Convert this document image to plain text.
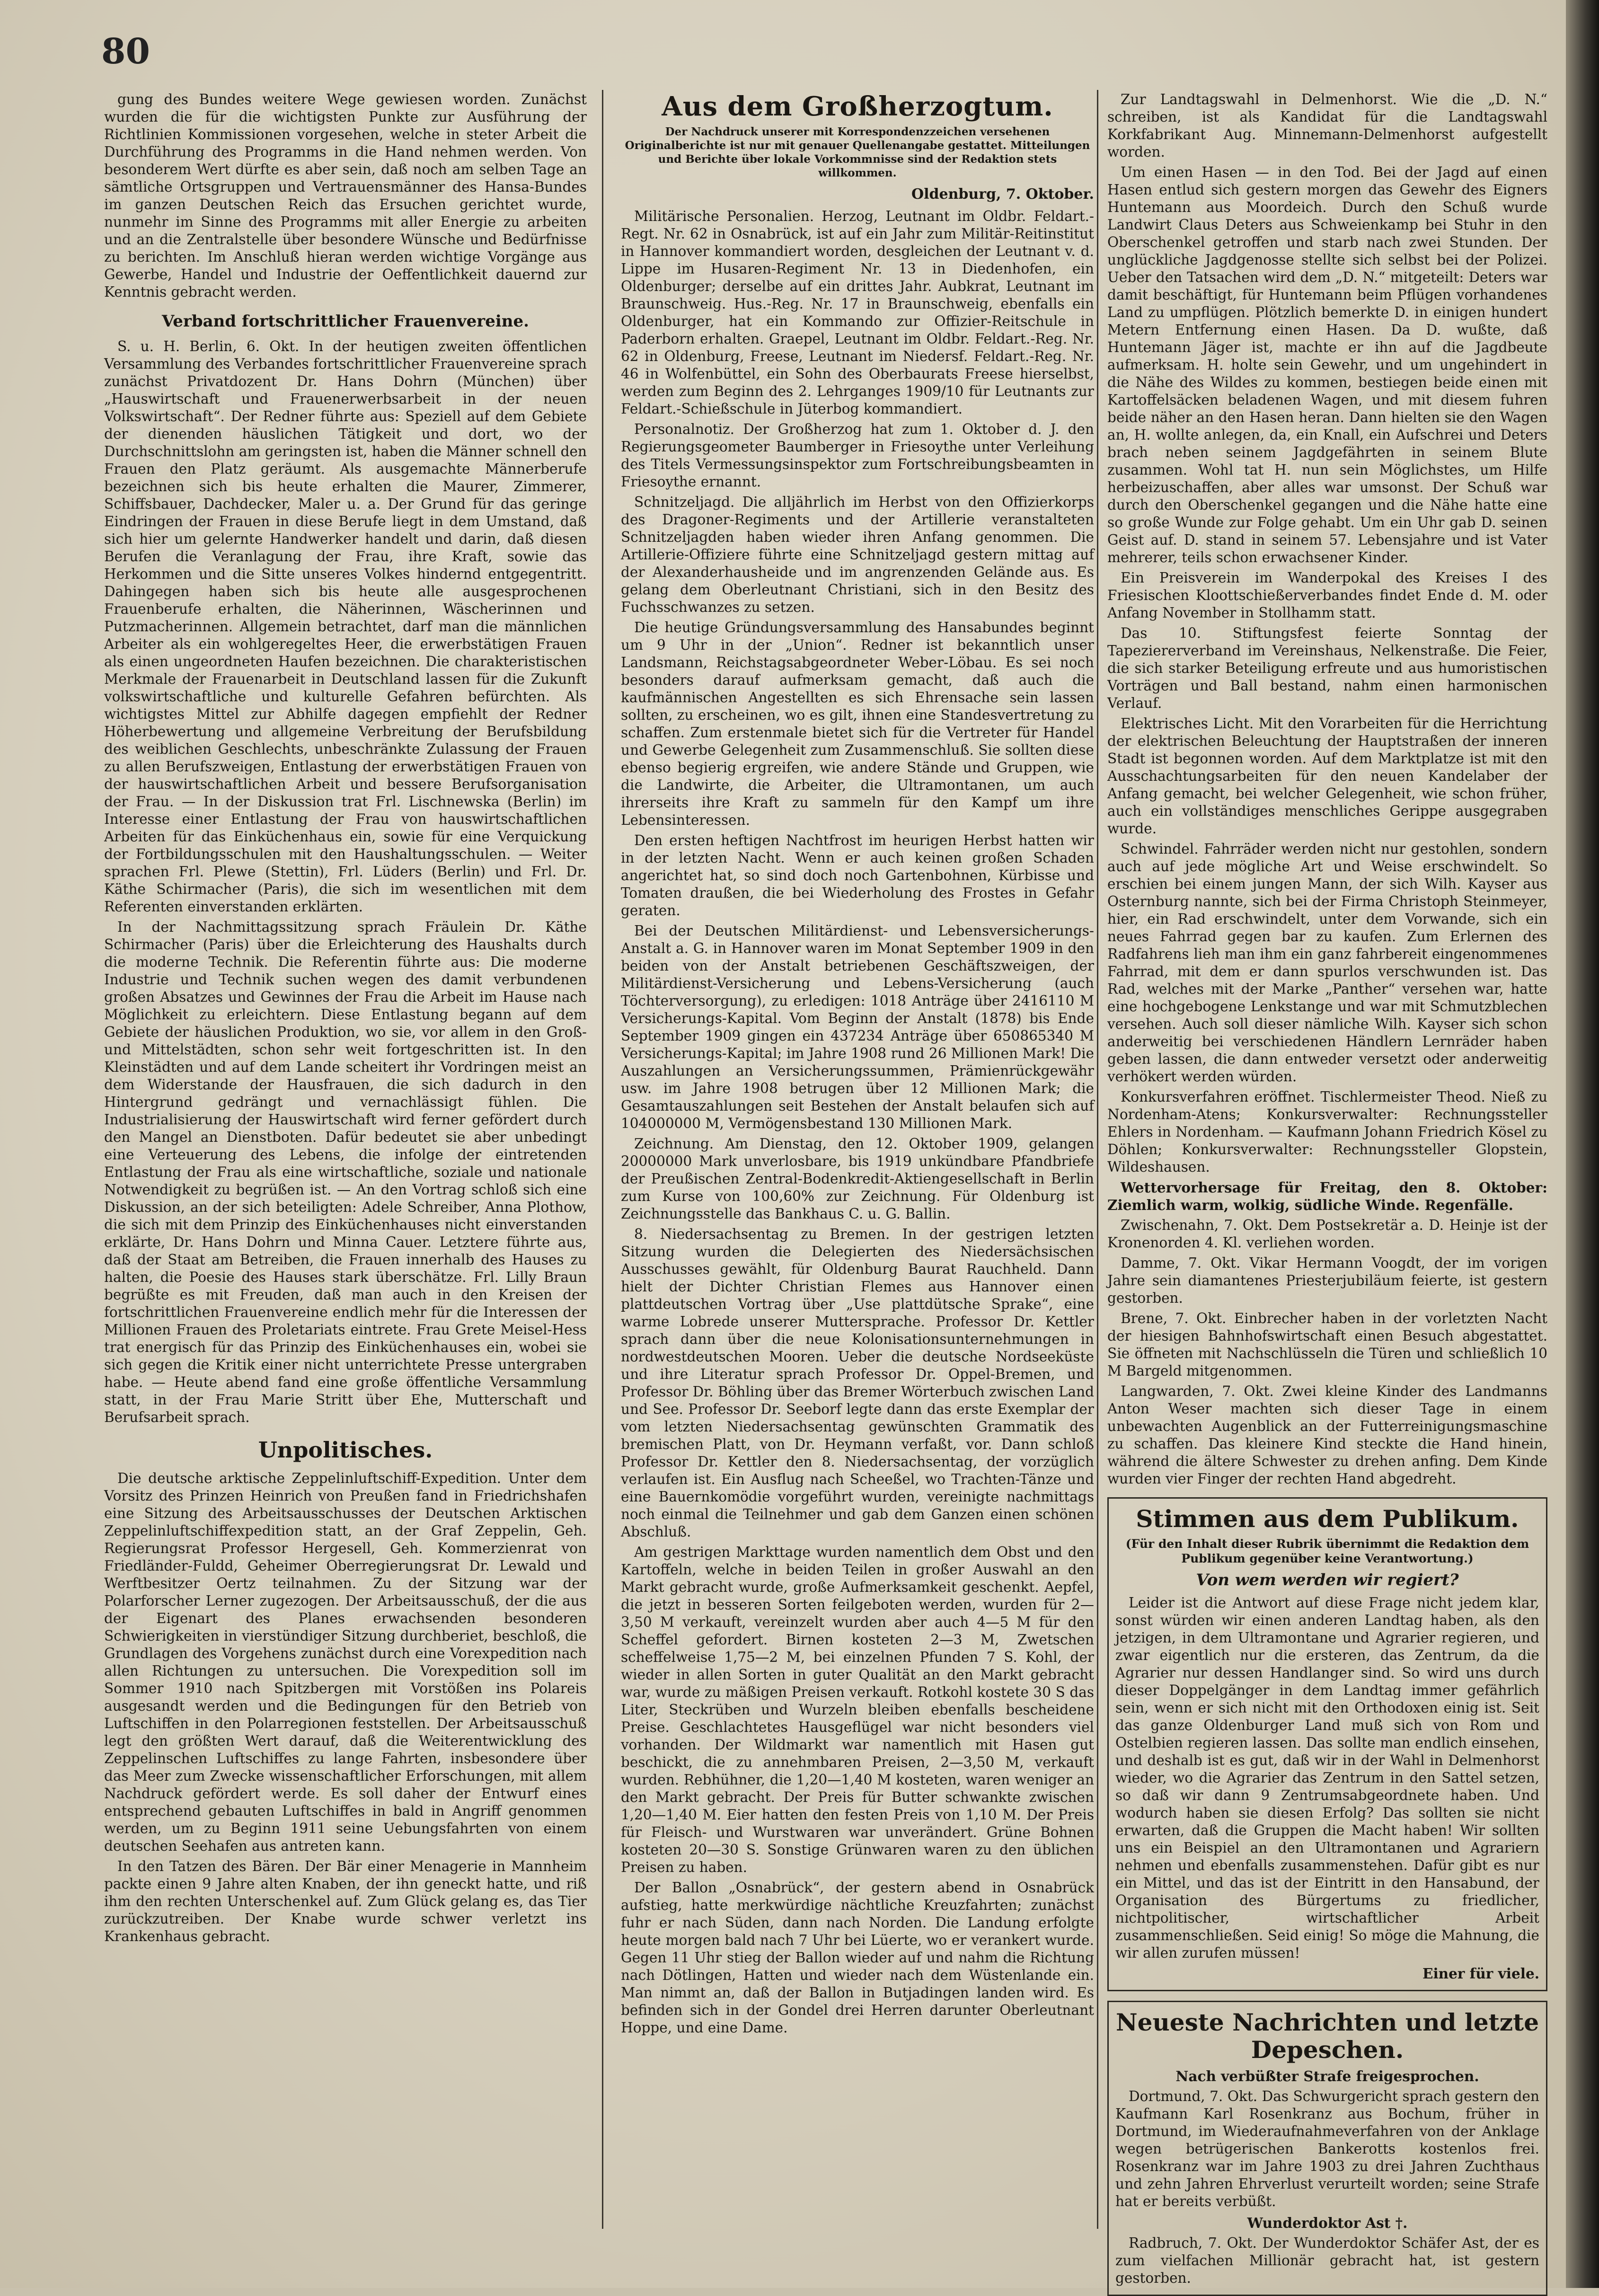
80

gung des Bundes weitere Wege gewiesen worden. Zunächst wurden die für die wichtigsten Punkte zur Ausführung der Richtlinien Kommissionen vorgesehen, welche in steter Arbeit die Durchführung des Programms in die Hand nehmen werden. Von besonderem Wert dürfte es aber sein, daß noch am selben Tage an sämtliche Ortsgruppen und Vertrauensmänner des Hansa-Bundes im ganzen Deutschen Reich das Ersuchen gerichtet wurde, nunmehr im Sinne des Programms mit aller Energie zu arbeiten und an die Zentralstelle über besondere Wünsche und Bedürfnisse zu berichten. Im Anschluß hieran werden wichtige Vorgänge aus Gewerbe, Handel und Industrie der Oeffentlichkeit dauernd zur Kenntnis gebracht werden.

Verband fortschrittlicher Frauenvereine.

S. u. H. Berlin, 6. Okt. In der heutigen zweiten öffentlichen Versammlung des Verbandes fortschrittlicher Frauenvereine sprach zunächst Privatdozent Dr. Hans Dohrn (München) über „Hauswirtschaft und Frauenerwerbsarbeit in der neuen Volkswirtschaft“. Der Redner führte aus: Speziell auf dem Gebiete der dienenden häuslichen Tätigkeit und dort, wo der Durchschnittslohn am geringsten ist, haben die Männer schnell den Frauen den Platz geräumt. Als ausgemachte Männerberufe bezeichnen sich bis heute erhalten die Maurer, Zimmerer, Schiffsbauer, Dachdecker, Maler u. a. Der Grund für das geringe Eindringen der Frauen in diese Berufe liegt in dem Umstand, daß sich hier um gelernte Handwerker handelt und darin, daß diesen Berufen die Veranlagung der Frau, ihre Kraft, sowie das Herkommen und die Sitte unseres Volkes hindernd entgegentritt. Dahingegen haben sich bis heute alle ausgesprochenen Frauenberufe erhalten, die Näherinnen, Wäscherinnen und Putzmacherinnen. Allgemein betrachtet, darf man die männlichen Arbeiter als ein wohlgeregeltes Heer, die erwerbstätigen Frauen als einen ungeordneten Haufen bezeichnen. Die charakteristischen Merkmale der Frauenarbeit in Deutschland lassen für die Zukunft volkswirtschaftliche und kulturelle Gefahren befürchten. Als wichtigstes Mittel zur Abhilfe dagegen empfiehlt der Redner Höherbewertung und allgemeine Verbreitung der Berufsbildung des weiblichen Geschlechts, unbeschränkte Zulassung der Frauen zu allen Berufszweigen, Entlastung der erwerbstätigen Frauen von der hauswirtschaftlichen Arbeit und bessere Berufsorganisation der Frau. — In der Diskussion trat Frl. Lischnewska (Berlin) im Interesse einer Entlastung der Frau von hauswirtschaftlichen Arbeiten für das Einküchenhaus ein, sowie für eine Verquickung der Fortbildungsschulen mit den Haushaltungsschulen. — Weiter sprachen Frl. Plewe (Stettin), Frl. Lüders (Berlin) und Frl. Dr. Käthe Schirmacher (Paris), die sich im wesentlichen mit dem Referenten einverstanden erklärten.

In der Nachmittagssitzung sprach Fräulein Dr. Käthe Schirmacher (Paris) über die Erleichterung des Haushalts durch die moderne Technik. Die Referentin führte aus: Die moderne Industrie und Technik suchen wegen des damit verbundenen großen Absatzes und Gewinnes der Frau die Arbeit im Hause nach Möglichkeit zu erleichtern. Diese Entlastung begann auf dem Gebiete der häuslichen Produktion, wo sie, vor allem in den Groß- und Mittelstädten, schon sehr weit fortgeschritten ist. In den Kleinstädten und auf dem Lande scheitert ihr Vordringen meist an dem Widerstande der Hausfrauen, die sich dadurch in den Hintergrund gedrängt und vernachlässigt fühlen. Die Industrialisierung der Hauswirtschaft wird ferner gefördert durch den Mangel an Dienstboten. Dafür bedeutet sie aber unbedingt eine Verteuerung des Lebens, die infolge der eintretenden Entlastung der Frau als eine wirtschaftliche, soziale und nationale Notwendigkeit zu begrüßen ist. — An den Vortrag schloß sich eine Diskussion, an der sich beteiligten: Adele Schreiber, Anna Plothow, die sich mit dem Prinzip des Einküchenhauses nicht einverstanden erklärte, Dr. Hans Dohrn und Minna Cauer. Letztere führte aus, daß der Staat am Betreiben, die Frauen innerhalb des Hauses zu halten, die Poesie des Hauses stark überschätze. Frl. Lilly Braun begrüßte es mit Freuden, daß man auch in den Kreisen der fortschrittlichen Frauenvereine endlich mehr für die Interessen der Millionen Frauen des Proletariats eintrete. Frau Grete Meisel-Hess trat energisch für das Prinzip des Einküchenhauses ein, wobei sie sich gegen die Kritik einer nicht unterrichtete Presse untergraben habe. — Heute abend fand eine große öffentliche Versammlung statt, in der Frau Marie Stritt über Ehe, Mutterschaft und Berufsarbeit sprach.

Unpolitisches.

Die deutsche arktische Zeppelinluftschiff-Expedition. Unter dem Vorsitz des Prinzen Heinrich von Preußen fand in Friedrichshafen eine Sitzung des Arbeitsausschusses der Deutschen Arktischen Zeppelinluftschiffexpedition statt, an der Graf Zeppelin, Geh. Regierungsrat Professor Hergesell, Geh. Kommerzienrat von Friedländer-Fuldd, Geheimer Oberregierungsrat Dr. Lewald und Werftbesitzer Oertz teilnahmen. Zu der Sitzung war der Polarforscher Lerner zugezogen. Der Arbeitsausschuß, der die aus der Eigenart des Planes erwachsenden besonderen Schwierigkeiten in vierstündiger Sitzung durchberiet, beschloß, die Grundlagen des Vorgehens zunächst durch eine Vorexpedition nach allen Richtungen zu untersuchen. Die Vorexpedition soll im Sommer 1910 nach Spitzbergen mit Vorstößen ins Polareis ausgesandt werden und die Bedingungen für den Betrieb von Luftschiffen in den Polarregionen feststellen. Der Arbeitsausschuß legt den größten Wert darauf, daß die Weiterentwicklung des Zeppelinschen Luftschiffes zu lange Fahrten, insbesondere über das Meer zum Zwecke wissenschaftlicher Erforschungen, mit allem Nachdruck gefördert werde. Es soll daher der Entwurf eines entsprechend gebauten Luftschiffes in bald in Angriff genommen werden, um zu Beginn 1911 seine Uebungsfahrten von einem deutschen Seehafen aus antreten kann.

In den Tatzen des Bären. Der Bär einer Menagerie in Mannheim packte einen 9 Jahre alten Knaben, der ihn geneckt hatte, und riß ihm den rechten Unterschenkel auf. Zum Glück gelang es, das Tier zurückzutreiben. Der Knabe wurde schwer verletzt ins Krankenhaus gebracht.

Aus dem Großherzogtum.

Der Nachdruck unserer mit Korrespondenzzeichen versehenen Originalberichte ist nur mit genauer Quellenangabe gestattet. Mitteilungen und Berichte über lokale Vorkommnisse sind der Redaktion stets willkommen.

Oldenburg, 7. Oktober.

Militärische Personalien. Herzog, Leutnant im Oldbr. Feldart.-Regt. Nr. 62 in Osnabrück, ist auf ein Jahr zum Militär-Reitinstitut in Hannover kommandiert worden, desgleichen der Leutnant v. d. Lippe im Husaren-Regiment Nr. 13 in Diedenhofen, ein Oldenburger; derselbe auf ein drittes Jahr. Aubkrat, Leutnant im Braunschweig. Hus.-Reg. Nr. 17 in Braunschweig, ebenfalls ein Oldenburger, hat ein Kommando zur Offizier-Reitschule in Paderborn erhalten. Graepel, Leutnant im Oldbr. Feldart.-Reg. Nr. 62 in Oldenburg, Freese, Leutnant im Niedersf. Feldart.-Reg. Nr. 46 in Wolfenbüttel, ein Sohn des Oberbaurats Freese hierselbst, werden zum Beginn des 2. Lehrganges 1909/10 für Leutnants zur Feldart.-Schießschule in Jüterbog kommandiert.

Personalnotiz. Der Großherzog hat zum 1. Oktober d. J. den Regierungsgeometer Baumberger in Friesoythe unter Verleihung des Titels Vermessungsinspektor zum Fortschreibungsbeamten in Friesoythe ernannt.

Schnitzeljagd. Die alljährlich im Herbst von den Offizierkorps des Dragoner-Regiments und der Artillerie veranstalteten Schnitzeljagden haben wieder ihren Anfang genommen. Die Artillerie-Offiziere führte eine Schnitzeljagd gestern mittag auf der Alexanderhausheide und im angrenzenden Gelände aus. Es gelang dem Oberleutnant Christiani, sich in den Besitz des Fuchsschwanzes zu setzen.

Die heutige Gründungsversammlung des Hansabundes beginnt um 9 Uhr in der „Union“. Redner ist bekanntlich unser Landsmann, Reichstagsabgeordneter Weber-Löbau. Es sei noch besonders darauf aufmerksam gemacht, daß auch die kaufmännischen Angestellten es sich Ehrensache sein lassen sollten, zu erscheinen, wo es gilt, ihnen eine Standesvertretung zu schaffen. Zum erstenmale bietet sich für die Vertreter für Handel und Gewerbe Gelegenheit zum Zusammenschluß. Sie sollten diese ebenso begierig ergreifen, wie andere Stände und Gruppen, wie die Landwirte, die Arbeiter, die Ultramontanen, um auch ihrerseits ihre Kraft zu sammeln für den Kampf um ihre Lebensinteressen.

Den ersten heftigen Nachtfrost im heurigen Herbst hatten wir in der letzten Nacht. Wenn er auch keinen großen Schaden angerichtet hat, so sind doch noch Gartenbohnen, Kürbisse und Tomaten draußen, die bei Wiederholung des Frostes in Gefahr geraten.

Bei der Deutschen Militärdienst- und Lebensversicherungs-Anstalt a. G. in Hannover waren im Monat September 1909 in den beiden von der Anstalt betriebenen Geschäftszweigen, der Militärdienst-Versicherung und Lebens-Versicherung (auch Töchterversorgung), zu erledigen: 1018 Anträge über 2416110 M Versicherungs-Kapital. Vom Beginn der Anstalt (1878) bis Ende September 1909 gingen ein 437234 Anträge über 650865340 M Versicherungs-Kapital; im Jahre 1908 rund 26 Millionen Mark! Die Auszahlungen an Versicherungssummen, Prämienrückgewähr usw. im Jahre 1908 betrugen über 12 Millionen Mark; die Gesamtauszahlungen seit Bestehen der Anstalt belaufen sich auf 104000000 M, Vermögensbestand 130 Millionen Mark.

Zeichnung. Am Dienstag, den 12. Oktober 1909, gelangen 20000000 Mark unverlosbare, bis 1919 unkündbare Pfandbriefe der Preußischen Zentral-Bodenkredit-Aktiengesellschaft in Berlin zum Kurse von 100,60% zur Zeichnung. Für Oldenburg ist Zeichnungsstelle das Bankhaus C. u. G. Ballin.

8. Niedersachsentag zu Bremen. In der gestrigen letzten Sitzung wurden die Delegierten des Niedersächsischen Ausschusses gewählt, für Oldenburg Baurat Rauchheld. Dann hielt der Dichter Christian Flemes aus Hannover einen plattdeutschen Vortrag über „Use plattdütsche Sprake“, eine warme Lobrede unserer Muttersprache. Professor Dr. Kettler sprach dann über die neue Kolonisationsunternehmungen in nordwestdeutschen Mooren. Ueber die deutsche Nordseeküste und ihre Literatur sprach Professor Dr. Oppel-Bremen, und Professor Dr. Böhling über das Bremer Wörterbuch zwischen Land und See. Professor Dr. Seeborf legte dann das erste Exemplar der vom letzten Niedersachsentag gewünschten Grammatik des bremischen Platt, von Dr. Heymann verfaßt, vor. Dann schloß Professor Dr. Kettler den 8. Niedersachsentag, der vorzüglich verlaufen ist. Ein Ausflug nach Scheeßel, wo Trachten-Tänze und eine Bauernkomödie vorgeführt wurden, vereinigte nachmittags noch einmal die Teilnehmer und gab dem Ganzen einen schönen Abschluß.

Am gestrigen Markttage wurden namentlich dem Obst und den Kartoffeln, welche in beiden Teilen in großer Auswahl an den Markt gebracht wurde, große Aufmerksamkeit geschenkt. Aepfel, die jetzt in besseren Sorten feilgeboten werden, wurden für 2—3,50 M verkauft, vereinzelt wurden aber auch 4—5 M für den Scheffel gefordert. Birnen kosteten 2—3 M, Zwetschen scheffelweise 1,75—2 M, bei einzelnen Pfunden 7 S. Kohl, der wieder in allen Sorten in guter Qualität an den Markt gebracht war, wurde zu mäßigen Preisen verkauft. Rotkohl kostete 30 S das Liter, Steckrüben und Wurzeln bleiben ebenfalls bescheidene Preise. Geschlachtetes Hausgeflügel war nicht besonders viel vorhanden. Der Wildmarkt war namentlich mit Hasen gut beschickt, die zu annehmbaren Preisen, 2—3,50 M, verkauft wurden. Rebhühner, die 1,20—1,40 M kosteten, waren weniger an den Markt gebracht. Der Preis für Butter schwankte zwischen 1,20—1,40 M. Eier hatten den festen Preis von 1,10 M. Der Preis für Fleisch- und Wurstwaren war unverändert. Grüne Bohnen kosteten 20—30 S. Sonstige Grünwaren waren zu den üblichen Preisen zu haben.

Der Ballon „Osnabrück“, der gestern abend in Osnabrück aufstieg, hatte merkwürdige nächtliche Kreuzfahrten; zunächst fuhr er nach Süden, dann nach Norden. Die Landung erfolgte heute morgen bald nach 7 Uhr bei Lüerte, wo er verankert wurde. Gegen 11 Uhr stieg der Ballon wieder auf und nahm die Richtung nach Dötlingen, Hatten und wieder nach dem Wüstenlande ein. Man nimmt an, daß der Ballon in Butjadingen landen wird. Es befinden sich in der Gondel drei Herren darunter Oberleutnant Hoppe, und eine Dame.

Zur Landtagswahl in Delmenhorst. Wie die „D. N.“ schreiben, ist als Kandidat für die Landtagswahl Korkfabrikant Aug. Minnemann-Delmenhorst aufgestellt worden.

Um einen Hasen — in den Tod. Bei der Jagd auf einen Hasen entlud sich gestern morgen das Gewehr des Eigners Huntemann aus Moordeich. Durch den Schuß wurde Landwirt Claus Deters aus Schweienkamp bei Stuhr in den Oberschenkel getroffen und starb nach zwei Stunden. Der unglückliche Jagdgenosse stellte sich selbst bei der Polizei. Ueber den Tatsachen wird dem „D. N.“ mitgeteilt: Deters war damit beschäftigt, für Huntemann beim Pflügen vorhandenes Land zu umpflügen. Plötzlich bemerkte D. in einigen hundert Metern Entfernung einen Hasen. Da D. wußte, daß Huntemann Jäger ist, machte er ihn auf die Jagdbeute aufmerksam. H. holte sein Gewehr, und um ungehindert in die Nähe des Wildes zu kommen, bestiegen beide einen mit Kartoffelsäcken beladenen Wagen, und mit diesem fuhren beide näher an den Hasen heran. Dann hielten sie den Wagen an, H. wollte anlegen, da, ein Knall, ein Aufschrei und Deters brach neben seinem Jagdgefährten in seinem Blute zusammen. Wohl tat H. nun sein Möglichstes, um Hilfe herbeizuschaffen, aber alles war umsonst. Der Schuß war durch den Oberschenkel gegangen und die Nähe hatte eine so große Wunde zur Folge gehabt. Um ein Uhr gab D. seinen Geist auf. D. stand in seinem 57. Lebensjahre und ist Vater mehrerer, teils schon erwachsener Kinder.

Ein Preisverein im Wanderpokal des Kreises I des Friesischen Kloottschießerverbandes findet Ende d. M. oder Anfang November in Stollhamm statt.

Das 10. Stiftungsfest feierte Sonntag der Tapeziererverband im Vereinshaus, Nelkenstraße. Die Feier, die sich starker Beteiligung erfreute und aus humoristischen Vorträgen und Ball bestand, nahm einen harmonischen Verlauf.

Elektrisches Licht. Mit den Vorarbeiten für die Herrichtung der elektrischen Beleuchtung der Hauptstraßen der inneren Stadt ist begonnen worden. Auf dem Marktplatze ist mit den Ausschachtungsarbeiten für den neuen Kandelaber der Anfang gemacht, bei welcher Gelegenheit, wie schon früher, auch ein vollständiges menschliches Gerippe ausgegraben wurde.

Schwindel. Fahrräder werden nicht nur gestohlen, sondern auch auf jede mögliche Art und Weise erschwindelt. So erschien bei einem jungen Mann, der sich Wilh. Kayser aus Osternburg nannte, sich bei der Firma Christoph Steinmeyer, hier, ein Rad erschwindelt, unter dem Vorwande, sich ein neues Fahrrad gegen bar zu kaufen. Zum Erlernen des Radfahrens lieh man ihm ein ganz fahrbereit eingenommenes Fahrrad, mit dem er dann spurlos verschwunden ist. Das Rad, welches mit der Marke „Panther“ versehen war, hatte eine hochgebogene Lenkstange und war mit Schmutzblechen versehen. Auch soll dieser nämliche Wilh. Kayser sich schon anderweitig bei verschiedenen Händlern Lernräder haben geben lassen, die dann entweder versetzt oder anderweitig verhökert werden würden.

Konkursverfahren eröffnet. Tischlermeister Theod. Nieß zu Nordenham-Atens; Konkursverwalter: Rechnungssteller Ehlers in Nordenham. — Kaufmann Johann Friedrich Kösel zu Döhlen; Konkursverwalter: Rechnungssteller Glopstein, Wildeshausen.

Wettervorhersage für Freitag, den 8. Oktober: Ziemlich warm, wolkig, südliche Winde. Regenfälle.

Zwischenahn, 7. Okt. Dem Postsekretär a. D. Heinje ist der Kronenorden 4. Kl. verliehen worden.

Damme, 7. Okt. Vikar Hermann Voogdt, der im vorigen Jahre sein diamantenes Priesterjubiläum feierte, ist gestern gestorben.

Brene, 7. Okt. Einbrecher haben in der vorletzten Nacht der hiesigen Bahnhofswirtschaft einen Besuch abgestattet. Sie öffneten mit Nachschlüsseln die Türen und schließlich 10 M Bargeld mitgenommen.

Langwarden, 7. Okt. Zwei kleine Kinder des Landmanns Anton Weser machten sich dieser Tage in einem unbewachten Augenblick an der Futterreinigungsmaschine zu schaffen. Das kleinere Kind steckte die Hand hinein, während die ältere Schwester zu drehen anfing. Dem Kinde wurden vier Finger der rechten Hand abgedreht.

Stimmen aus dem Publikum.

(Für den Inhalt dieser Rubrik übernimmt die Redaktion dem Publikum gegenüber keine Verantwortung.)

Von wem werden wir regiert?

Leider ist die Antwort auf diese Frage nicht jedem klar, sonst würden wir einen anderen Landtag haben, als den jetzigen, in dem Ultramontane und Agrarier regieren, und zwar eigentlich nur die ersteren, das Zentrum, da die Agrarier nur dessen Handlanger sind. So wird uns durch dieser Doppelgänger in dem Landtag immer gefährlich sein, wenn er sich nicht mit den Orthodoxen einig ist. Seit das ganze Oldenburger Land muß sich von Rom und Ostelbien regieren lassen. Das sollte man endlich einsehen, und deshalb ist es gut, daß wir in der Wahl in Delmenhorst wieder, wo die Agrarier das Zentrum in den Sattel setzen, so daß wir dann 9 Zentrumsabgeordnete haben. Und wodurch haben sie diesen Erfolg? Das sollten sie nicht erwarten, daß die Gruppen die Macht haben! Wir sollten uns ein Beispiel an den Ultramontanen und Agrariern nehmen und ebenfalls zusammenstehen. Dafür gibt es nur ein Mittel, und das ist der Eintritt in den Hansabund, der Organisation des Bürgertums zu friedlicher, nichtpolitischer, wirtschaftlicher Arbeit zusammenschließen. Seid einig! So möge die Mahnung, die wir allen zurufen müssen!

Einer für viele.

Neueste Nachrichten und letzte Depeschen.

Nach verbüßter Strafe freigesprochen.

Dortmund, 7. Okt. Das Schwurgericht sprach gestern den Kaufmann Karl Rosenkranz aus Bochum, früher in Dortmund, im Wiederaufnahmeverfahren von der Anklage wegen betrügerischen Bankerotts kostenlos frei. Rosenkranz war im Jahre 1903 zu drei Jahren Zuchthaus und zehn Jahren Ehrverlust verurteilt worden; seine Strafe hat er bereits verbüßt.

Wunderdoktor Ast †.

Radbruch, 7. Okt. Der Wunderdoktor Schäfer Ast, der es zum vielfachen Millionär gebracht hat, ist gestern gestorben.
